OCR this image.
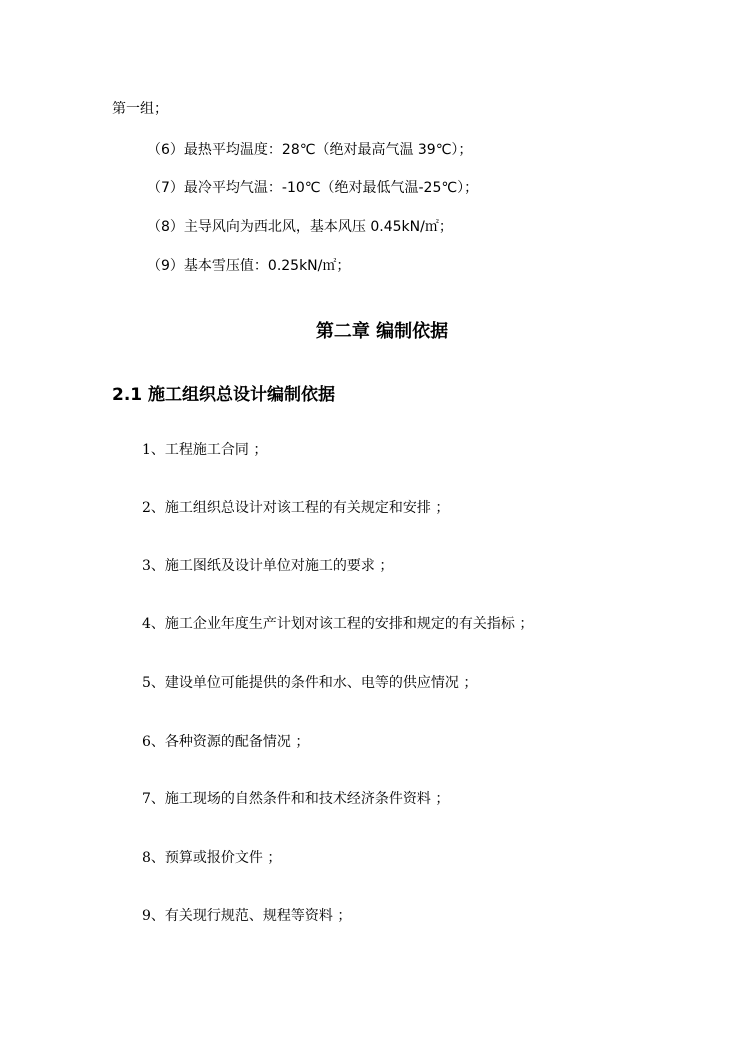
第一组；
（6）最热平均温度：28℃（绝对最高气温 39℃）；
（7）最冷平均气温：-10℃（绝对最低气温-25℃）；
（8）主导风向为西北风，基本风压 0.45kN/㎡；
（9）基本雪压值：0.25kN/㎡；
第二章 编制依据
2.1 施工组织总设计编制依据
1、工程施工合同 ；
2、施工组织总设计对该工程的有关规定和安排 ；
3、施工图纸及设计单位对施工的要求 ；
4、施工企业年度生产计划对该工程的安排和规定的有关指标 ；
5、建设单位可能提供的条件和水、电等的供应情况 ；
6、各种资源的配备情况 ；
7、施工现场的自然条件和和技术经济条件资料 ；
8、预算或报价文件 ；
9、有关现行规范、规程等资料 ；
